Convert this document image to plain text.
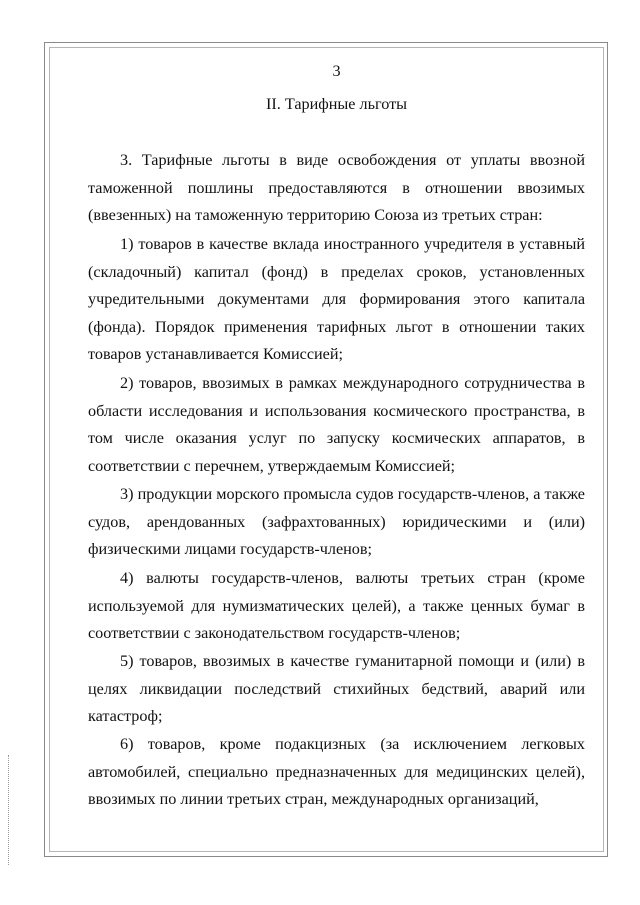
3
II. Тарифные льготы

3. Тарифные льготы в виде освобождения от уплаты ввозной таможенной пошлины предоставляются в отношении ввозимых (ввезенных) на таможенную территорию Союза из третьих стран:

1) товаров в качестве вклада иностранного учредителя в уставный (складочный) капитал (фонд) в пределах сроков, установленных учредительными документами для формирования этого капитала (фонда). Порядок применения тарифных льгот в отношении таких товаров устанавливается Комиссией;

2) товаров, ввозимых в рамках международного сотрудничества в области исследования и использования космического пространства, в том числе оказания услуг по запуску космических аппаратов, в соответствии с перечнем, утверждаемым Комиссией;

3) продукции морского промысла судов государств-членов, а также судов, арендованных (зафрахтованных) юридическими и (или) физическими лицами государств-членов;

4) валюты государств-членов, валюты третьих стран (кроме используемой для нумизматических целей), а также ценных бумаг в соответствии с законодательством государств-членов;

5) товаров, ввозимых в качестве гуманитарной помощи и (или) в целях ликвидации последствий стихийных бедствий, аварий или катастроф;

6) товаров, кроме подакцизных (за исключением легковых автомобилей, специально предназначенных для медицинских целей), ввозимых по линии третьих стран, международных организаций,
